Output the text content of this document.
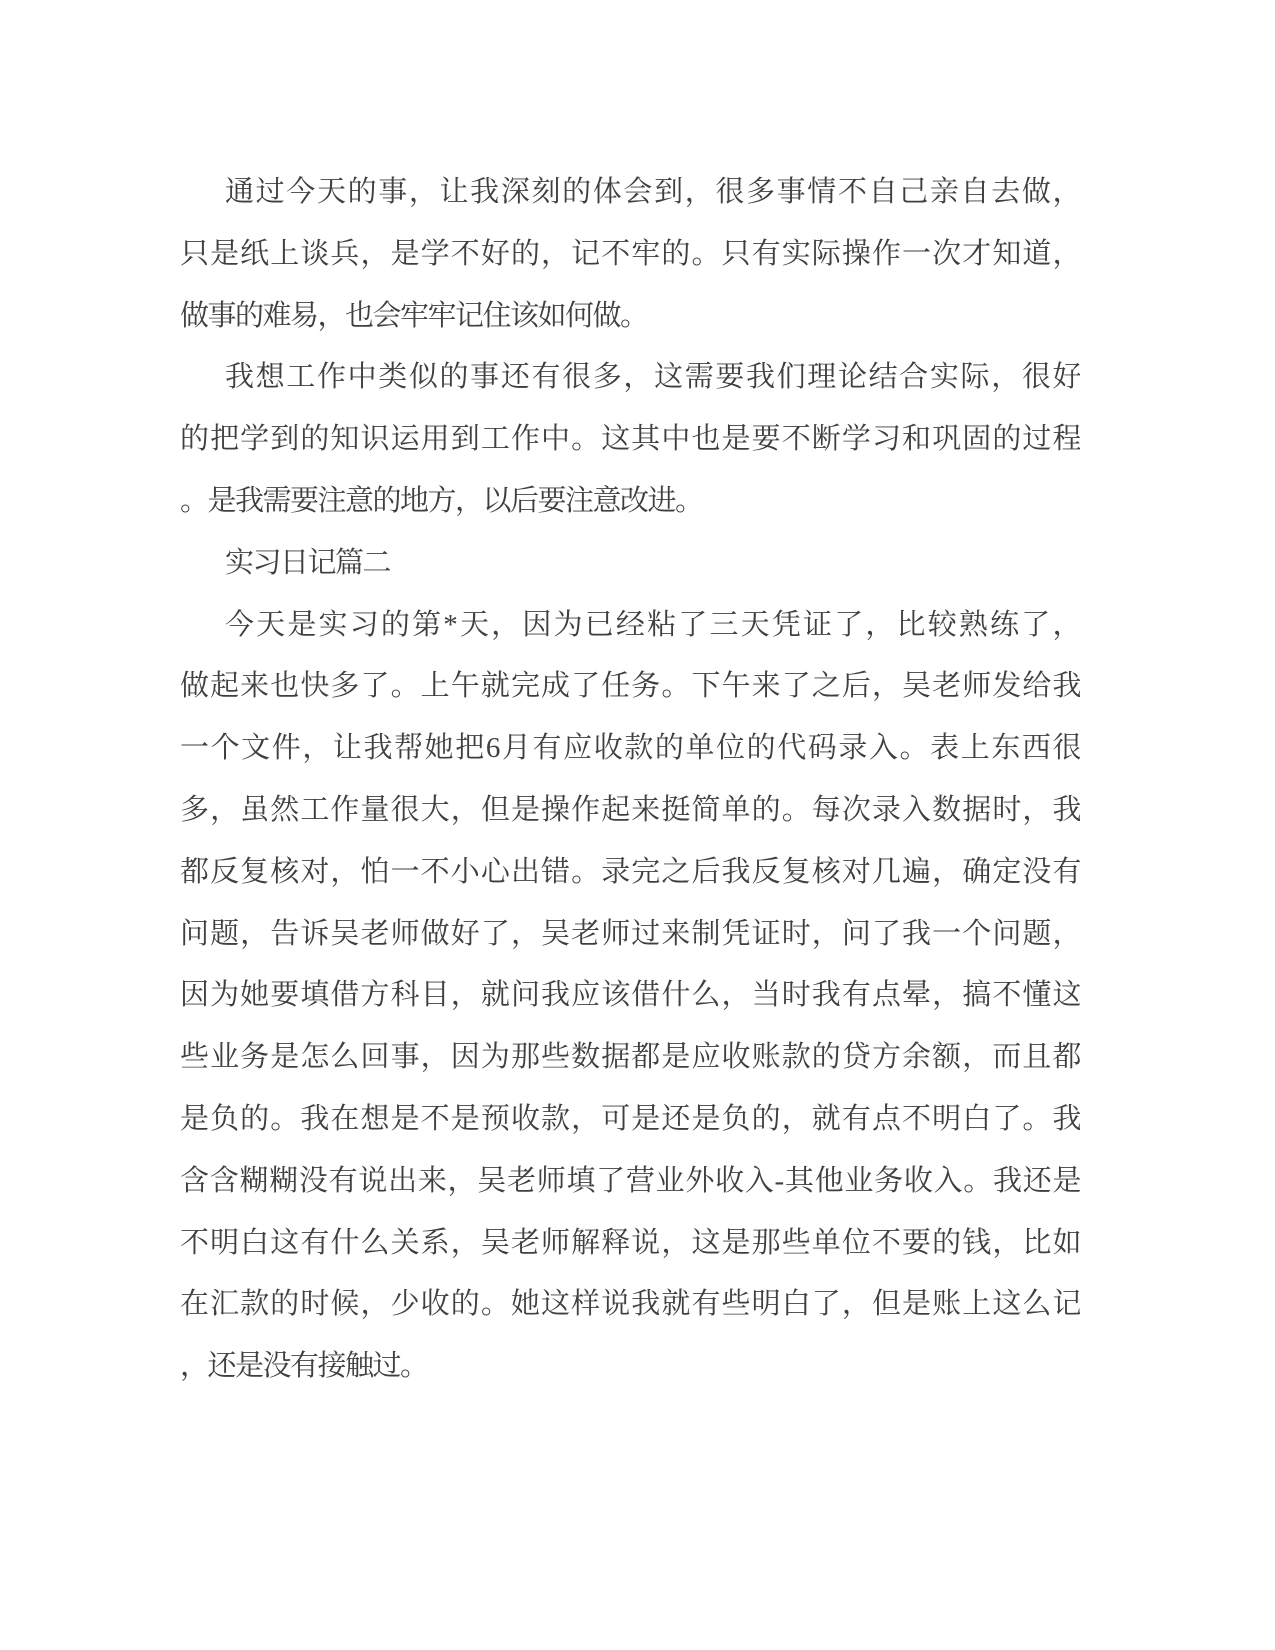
通过今天的事，让我深刻的体会到，很多事情不自己亲自去做，
只是纸上谈兵，是学不好的，记不牢的。只有实际操作一次才知道，
做事的难易，也会牢牢记住该如何做。
我想工作中类似的事还有很多，这需要我们理论结合实际，很好
的把学到的知识运用到工作中。这其中也是要不断学习和巩固的过程
。是我需要注意的地方，以后要注意改进。
实习日记篇二
今天是实习的第*天，因为已经粘了三天凭证了，比较熟练了，
做起来也快多了。上午就完成了任务。下午来了之后，吴老师发给我
一个文件，让我帮她把6月有应收款的单位的代码录入。表上东西很
多，虽然工作量很大，但是操作起来挺简单的。每次录入数据时，我
都反复核对，怕一不小心出错。录完之后我反复核对几遍，确定没有
问题，告诉吴老师做好了，吴老师过来制凭证时，问了我一个问题，
因为她要填借方科目，就问我应该借什么，当时我有点晕，搞不懂这
些业务是怎么回事，因为那些数据都是应收账款的贷方余额，而且都
是负的。我在想是不是预收款，可是还是负的，就有点不明白了。我
含含糊糊没有说出来，吴老师填了营业外收入-其他业务收入。我还是
不明白这有什么关系，吴老师解释说，这是那些单位不要的钱，比如
在汇款的时候，少收的。她这样说我就有些明白了，但是账上这么记
，还是没有接触过。
